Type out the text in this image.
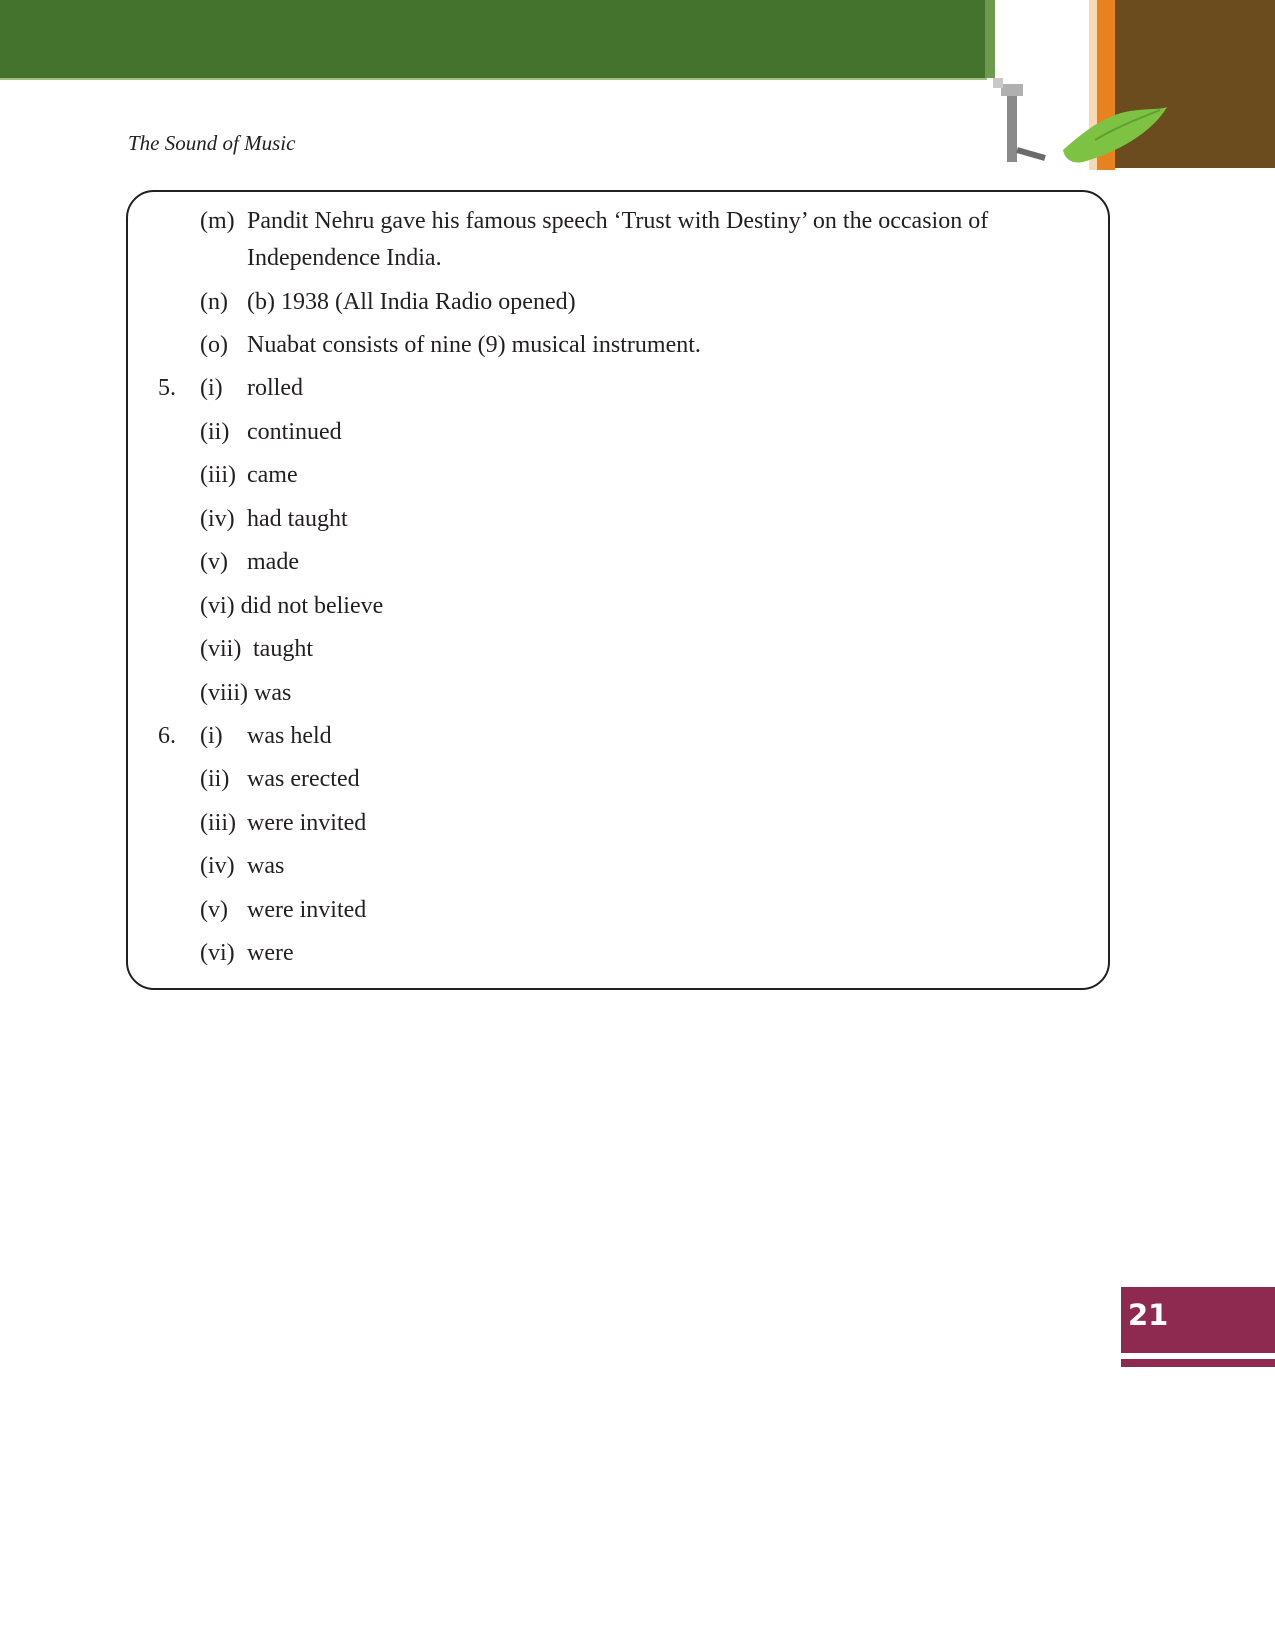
The Sound of Music
(m) Pandit Nehru gave his famous speech ‘Trust with Destiny’ on the occasion of
Independence India.
(n) (b) 1938 (All India Radio opened)
(o) Nuabat consists of nine (9) musical instrument.
5. (i) rolled
(ii) continued
(iii) came
(iv) had taught
(v) made
(vi) did not believe
(vii) taught
(viii) was
6. (i) was held
(ii) was erected
(iii) were invited
(iv) was
(v) were invited
(vi) were
21
